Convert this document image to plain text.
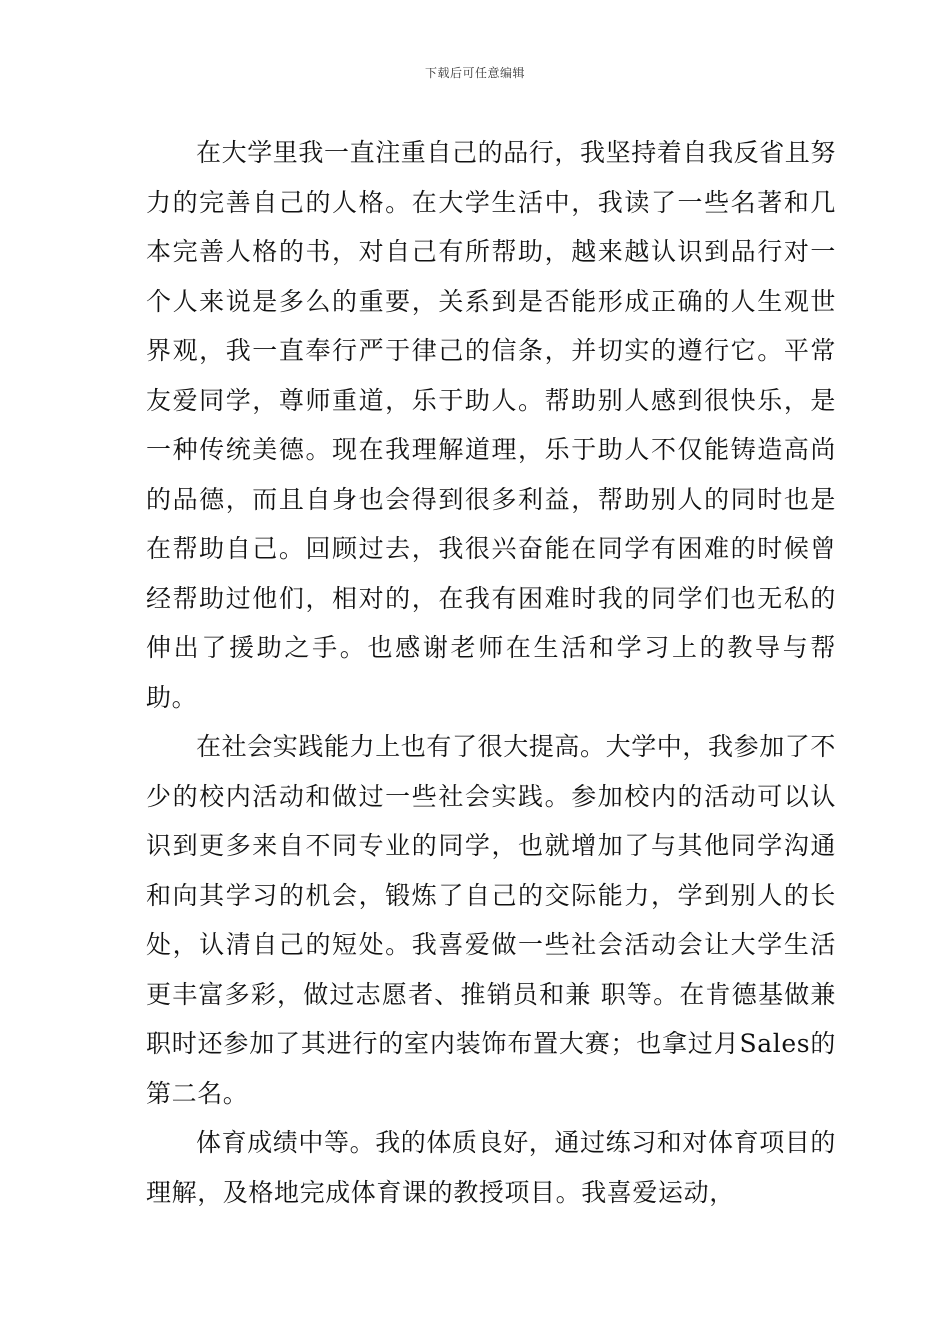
下载后可任意编辑

在大学里我一直注重自己的品行，我坚持着自我反省且努力的完善自己的人格。在大学生活中，我读了一些名著和几本完善人格的书，对自己有所帮助，越来越认识到品行对一个人来说是多么的重要，关系到是否能形成正确的人生观世界观，我一直奉行严于律己的信条，并切实的遵行它。平常友爱同学，尊师重道，乐于助人。帮助别人感到很快乐，是一种传统美德。现在我理解道理，乐于助人不仅能铸造高尚的品德，而且自身也会得到很多利益，帮助别人的同时也是在帮助自己。回顾过去，我很兴奋能在同学有困难的时候曾经帮助过他们，相对的，在我有困难时我的同学们也无私的伸出了援助之手。也感谢老师在生活和学习上的教导与帮助。

在社会实践能力上也有了很大提高。大学中，我参加了不少的校内活动和做过一些社会实践。参加校内的活动可以认识到更多来自不同专业的同学，也就增加了与其他同学沟通和向其学习的机会，锻炼了自己的交际能力，学到别人的长处，认清自己的短处。我喜爱做一些社会活动会让大学生活更丰富多彩，做过志愿者、推销员和兼 职等。在肯德基做兼 职时还参加了其进行的室内装饰布置大赛；也拿过月Sales的第二名。

体育成绩中等。我的体质良好，通过练习和对体育项目的理解，及格地完成体育课的教授项目。我喜爱运动，
